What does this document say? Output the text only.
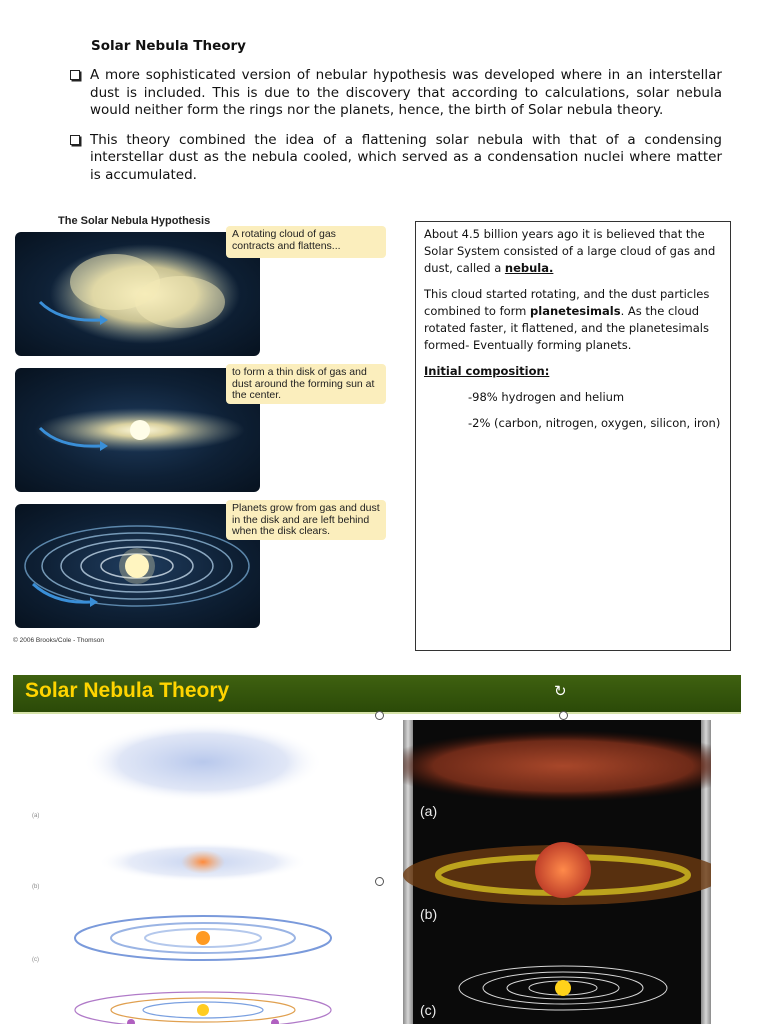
Solar Nebula Theory
A more sophisticated version of nebular hypothesis was developed where in an interstellar dust is included. This is due to the discovery that according to calculations, solar nebula would neither form the rings nor the planets, hence, the birth of Solar nebula theory.
This theory combined the idea of a flattening solar nebula with that of a condensing interstellar dust as the nebula cooled, which served as a condensation nuclei where matter is accumulated.
The Solar Nebula Hypothesis
A rotating cloud of gas contracts and flattens...
to form a thin disk of gas and dust around the forming sun at the center.
Planets grow from gas and dust in the disk and are left behind when the disk clears.
© 2006 Brooks/Cole - Thomson

About 4.5 billion years ago it is believed that the Solar System consisted of a large cloud of gas and dust, called a nebula.

This cloud started rotating, and the dust particles combined to form planetesimals. As the cloud rotated faster, it flattened, and the planetesimals formed- Eventually forming planets.

Initial composition:

-98% hydrogen and helium

-2% (carbon, nitrogen, oxygen, silicon, iron)

Solar Nebula Theory	↻
(a)
(b)
(c)
(a)
(b)
(c)
